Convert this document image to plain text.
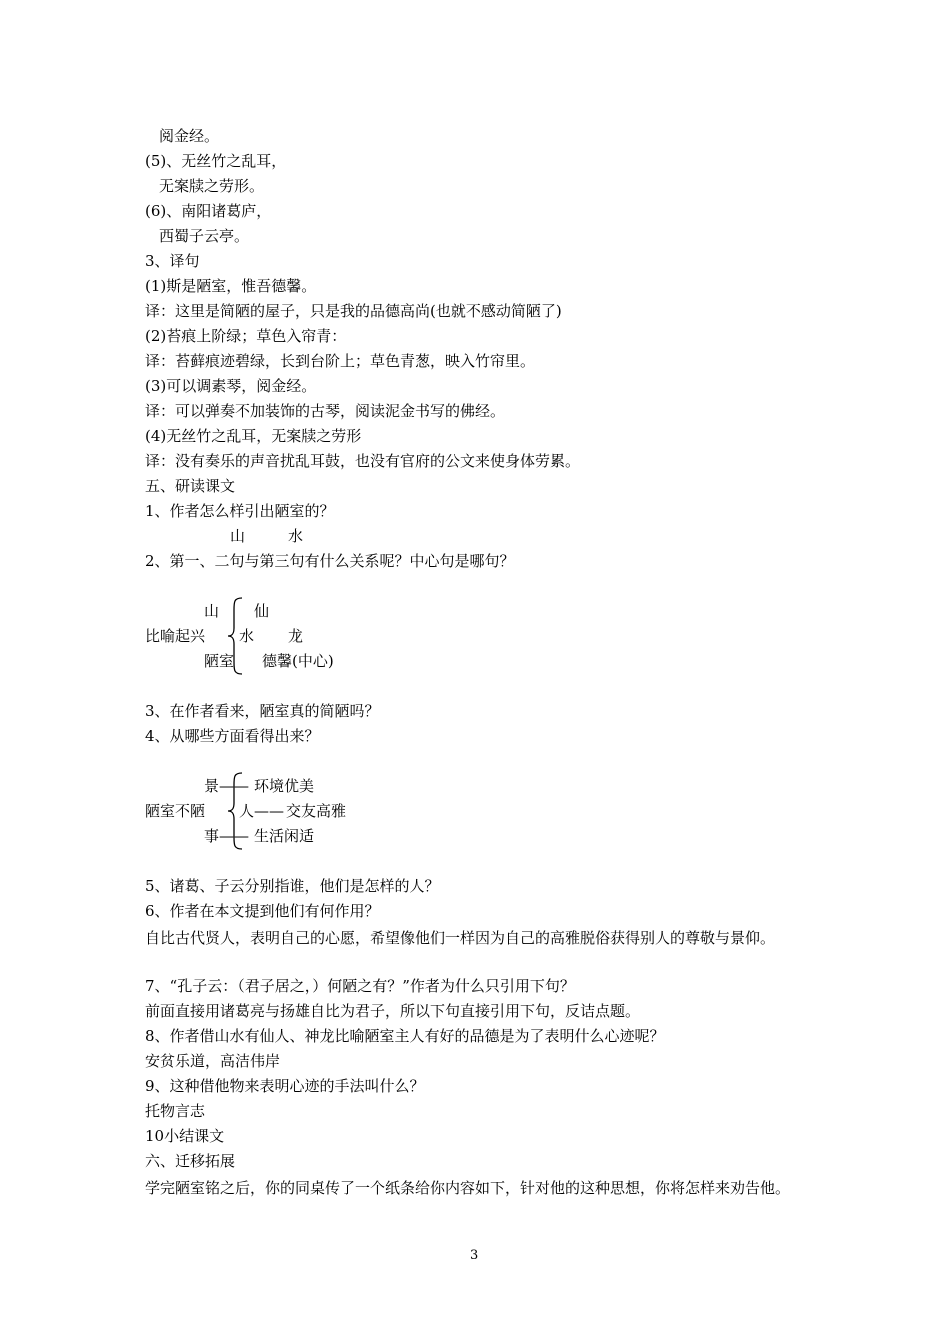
阅金经。
(5)、无丝竹之乱耳，
无案牍之劳形。
(6)、南阳诸葛庐，
西蜀子云亭。
3、译句
(1)斯是陋室，惟吾德馨。
译：这里是简陋的屋子，只是我的品德高尚(也就不感动简陋了)
(2)苔痕上阶绿；草色入帘青：
译：苔藓痕迹碧绿，长到台阶上；草色青葱，映入竹帘里。
(3)可以调素琴，阅金经。
译：可以弹奏不加装饰的古琴，阅读泥金书写的佛经。
(4)无丝竹之乱耳，无案牍之劳形
译：没有奏乐的声音扰乱耳鼓，也没有官府的公文来使身体劳累。
五、研读课文
1、作者怎么样引出陋室的？
山	水
2、第一、二句与第三句有什么关系呢？中心句是哪句？
比喻起兴
山 仙
水 龙
陋室 德馨(中心)
3、在作者看来，陋室真的简陋吗？
4、从哪些方面看得出来？
陋室不陋
景 —— 环境优美
人 —— 交友高雅
事 —— 生活闲适
5、诸葛、子云分别指谁，他们是怎样的人？
6、作者在本文提到他们有何作用？
自比古代贤人，表明自己的心愿，希望像他们一样因为自己的高雅脱俗获得别人的尊敬与景仰。
7、“孔子云：（君子居之，）何陋之有？”作者为什么只引用下句？
前面直接用诸葛亮与扬雄自比为君子，所以下句直接引用下句，反诘点题。
8、作者借山水有仙人、神龙比喻陋室主人有好的品德是为了表明什么心迹呢？
安贫乐道，高洁伟岸
9、这种借他物来表明心迹的手法叫什么？
托物言志
10小结课文
六、迁移拓展
学完陋室铭之后，你的同桌传了一个纸条给你内容如下，针对他的这种思想，你将怎样来劝告他。
3
